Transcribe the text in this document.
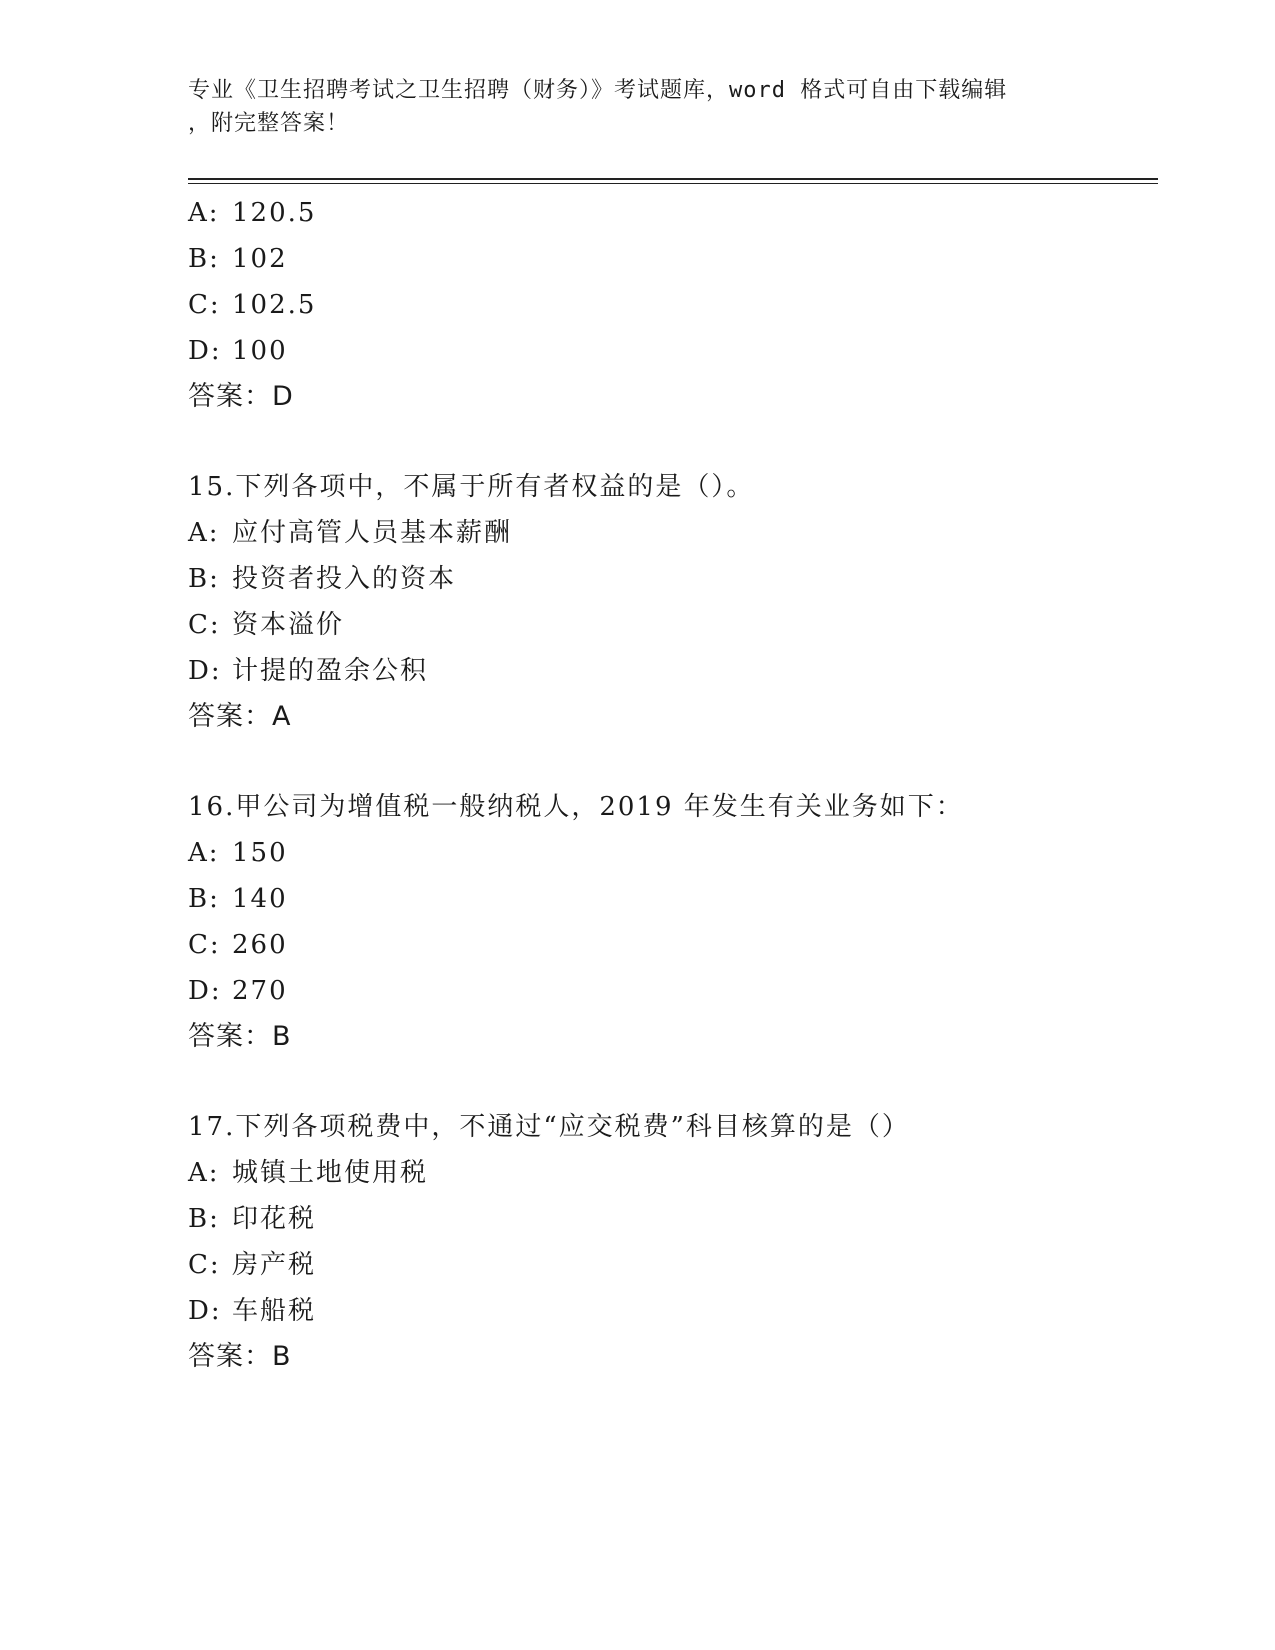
专业《卫生招聘考试之卫生招聘（财务）》考试题库，word 格式可自由下载编辑
，附完整答案！
A: 120.5
B: 102
C: 102.5
D: 100
答案：D
15.下列各项中，不属于所有者权益的是（）。
A: 应付高管人员基本薪酬
B: 投资者投入的资本
C: 资本溢价
D: 计提的盈余公积
答案：A
16.甲公司为增值税一般纳税人，2019 年发生有关业务如下：
A: 150
B: 140
C: 260
D: 270
答案：B
17.下列各项税费中，不通过“应交税费”科目核算的是（）
A: 城镇土地使用税
B: 印花税
C: 房产税
D: 车船税
答案：B
